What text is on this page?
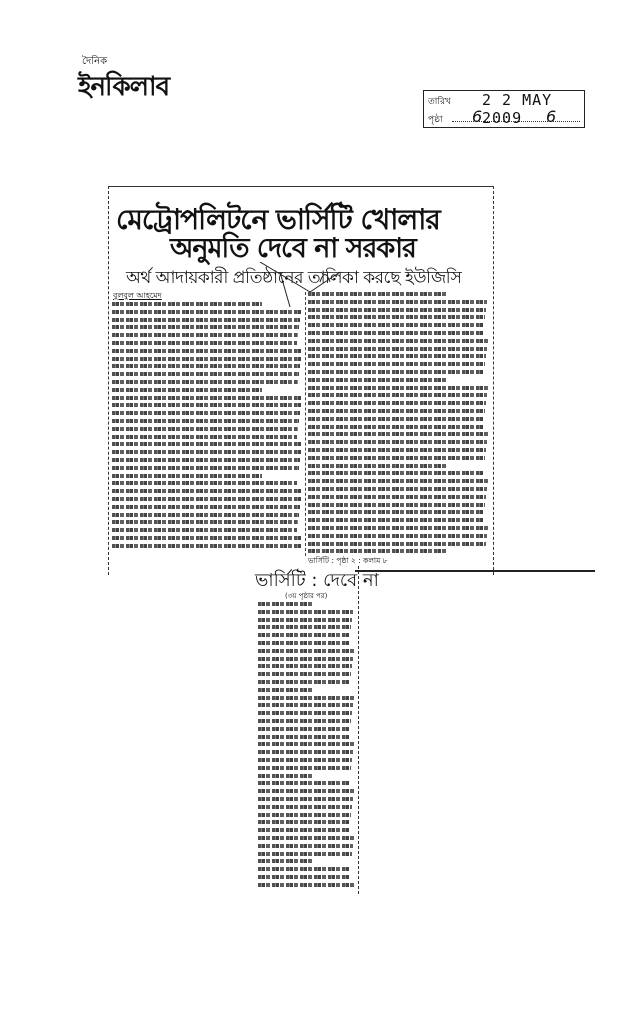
দৈনিক
ইনকিলাব	তারিখ 2 2 MAY 2009
পৃষ্ঠা 6	6
মেট্রোপলিটনে ভার্সিটি খোলার
অনুমতি দেবে না সরকার
অর্থ আদায়কারী প্রতিষ্ঠানের তালিকা করছে ইউজিসি
বুলবুল আহমেদ
ভার্সিটি : পৃষ্ঠা ২ : কলাম ৮
ভার্সিটি : দেবে না
(৩য় পৃষ্ঠার পর)
